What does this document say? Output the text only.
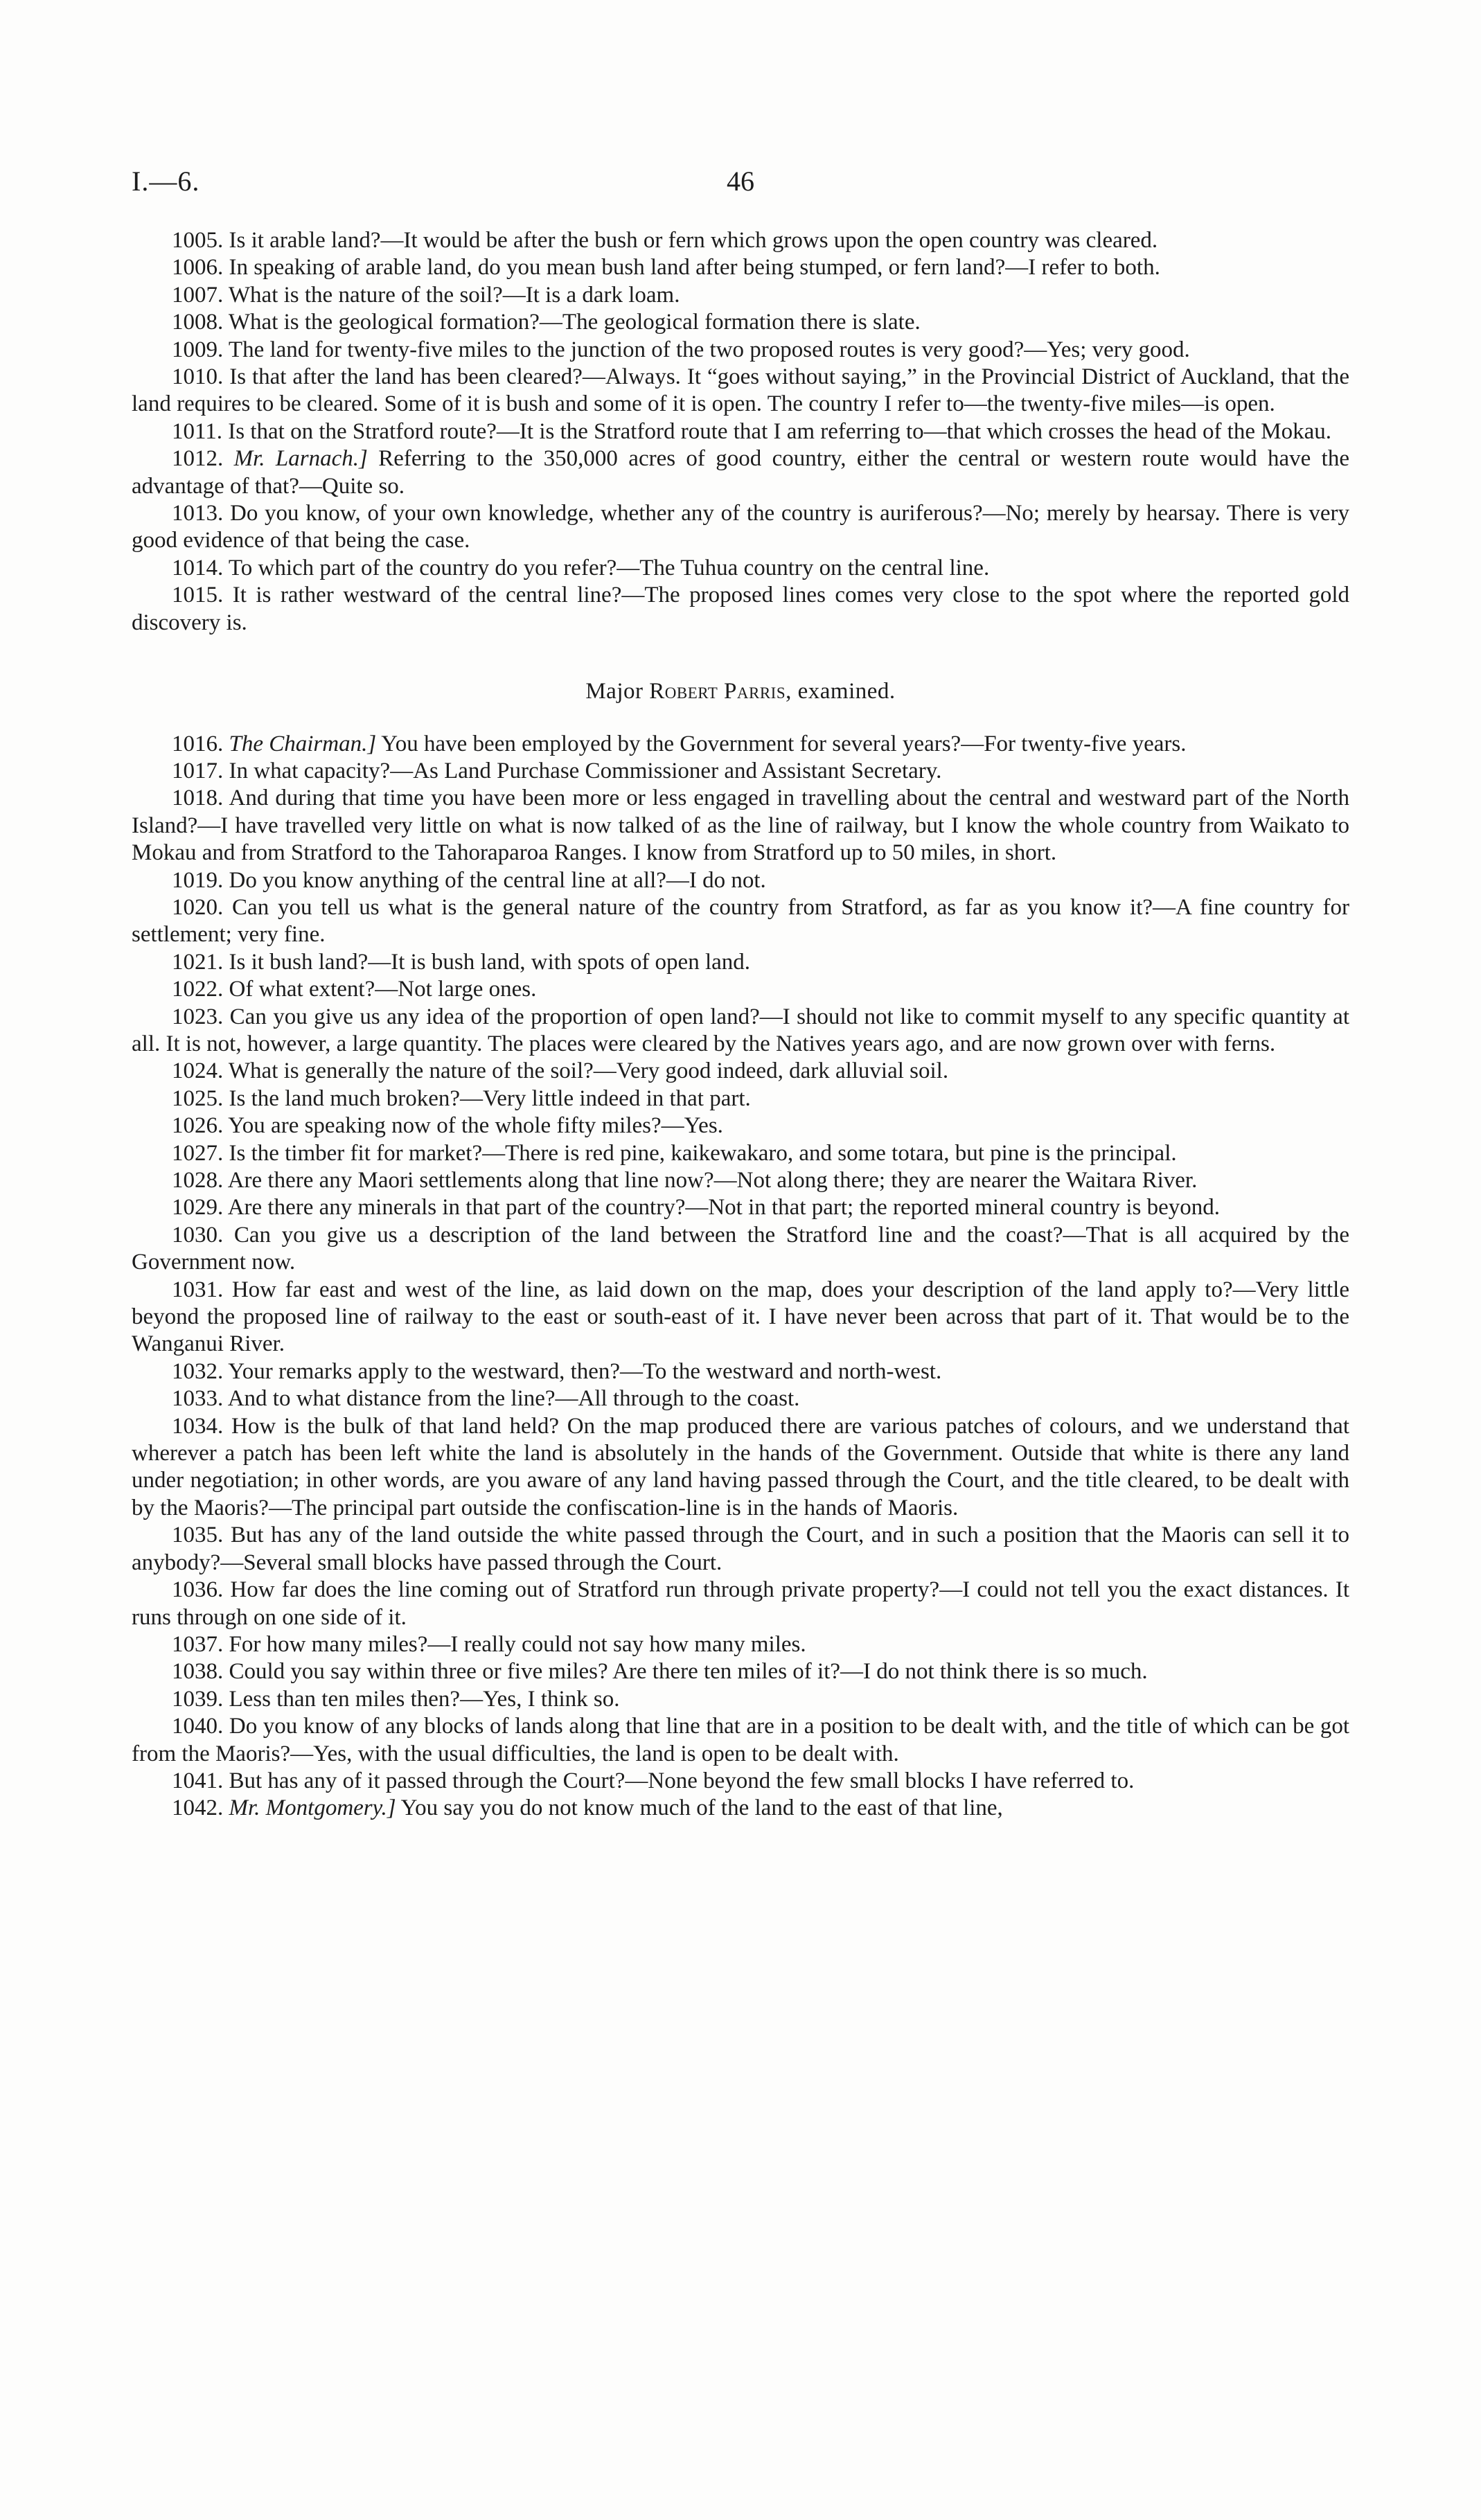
I.—6.	46

1005. Is it arable land?—It would be after the bush or fern which grows upon the open country was cleared.

1006. In speaking of arable land, do you mean bush land after being stumped, or fern land?—I refer to both.

1007. What is the nature of the soil?—It is a dark loam.

1008. What is the geological formation?—The geological formation there is slate.

1009. The land for twenty-five miles to the junction of the two proposed routes is very good?—Yes; very good.

1010. Is that after the land has been cleared?—Always. It “goes without saying,” in the Provincial District of Auckland, that the land requires to be cleared. Some of it is bush and some of it is open. The country I refer to—the twenty-five miles—is open.

1011. Is that on the Stratford route?—It is the Stratford route that I am referring to—that which crosses the head of the Mokau.

1012. Mr. Larnach.] Referring to the 350,000 acres of good country, either the central or western route would have the advantage of that?—Quite so.

1013. Do you know, of your own knowledge, whether any of the country is auriferous?—No; merely by hearsay. There is very good evidence of that being the case.

1014. To which part of the country do you refer?—The Tuhua country on the central line.

1015. It is rather westward of the central line?—The proposed lines comes very close to the spot where the reported gold discovery is.

Major Robert Parris, examined.

1016. The Chairman.] You have been employed by the Government for several years?—For twenty-five years.

1017. In what capacity?—As Land Purchase Commissioner and Assistant Secretary.

1018. And during that time you have been more or less engaged in travelling about the central and westward part of the North Island?—I have travelled very little on what is now talked of as the line of railway, but I know the whole country from Waikato to Mokau and from Stratford to the Tahoraparoa Ranges. I know from Stratford up to 50 miles, in short.

1019. Do you know anything of the central line at all?—I do not.

1020. Can you tell us what is the general nature of the country from Stratford, as far as you know it?—A fine country for settlement; very fine.

1021. Is it bush land?—It is bush land, with spots of open land.

1022. Of what extent?—Not large ones.

1023. Can you give us any idea of the proportion of open land?—I should not like to commit myself to any specific quantity at all. It is not, however, a large quantity. The places were cleared by the Natives years ago, and are now grown over with ferns.

1024. What is generally the nature of the soil?—Very good indeed, dark alluvial soil.

1025. Is the land much broken?—Very little indeed in that part.

1026. You are speaking now of the whole fifty miles?—Yes.

1027. Is the timber fit for market?—There is red pine, kaikewakaro, and some totara, but pine is the principal.

1028. Are there any Maori settlements along that line now?—Not along there; they are nearer the Waitara River.

1029. Are there any minerals in that part of the country?—Not in that part; the reported mineral country is beyond.

1030. Can you give us a description of the land between the Stratford line and the coast?—That is all acquired by the Government now.

1031. How far east and west of the line, as laid down on the map, does your description of the land apply to?—Very little beyond the proposed line of railway to the east or south-east of it. I have never been across that part of it. That would be to the Wanganui River.

1032. Your remarks apply to the westward, then?—To the westward and north-west.

1033. And to what distance from the line?—All through to the coast.

1034. How is the bulk of that land held? On the map produced there are various patches of colours, and we understand that wherever a patch has been left white the land is absolutely in the hands of the Government. Outside that white is there any land under negotiation; in other words, are you aware of any land having passed through the Court, and the title cleared, to be dealt with by the Maoris?—The principal part outside the confiscation-line is in the hands of Maoris.

1035. But has any of the land outside the white passed through the Court, and in such a position that the Maoris can sell it to anybody?—Several small blocks have passed through the Court.

1036. How far does the line coming out of Stratford run through private property?—I could not tell you the exact distances. It runs through on one side of it.

1037. For how many miles?—I really could not say how many miles.

1038. Could you say within three or five miles? Are there ten miles of it?—I do not think there is so much.

1039. Less than ten miles then?—Yes, I think so.

1040. Do you know of any blocks of lands along that line that are in a position to be dealt with, and the title of which can be got from the Maoris?—Yes, with the usual difficulties, the land is open to be dealt with.

1041. But has any of it passed through the Court?—None beyond the few small blocks I have referred to.

1042. Mr. Montgomery.] You say you do not know much of the land to the east of that line,
